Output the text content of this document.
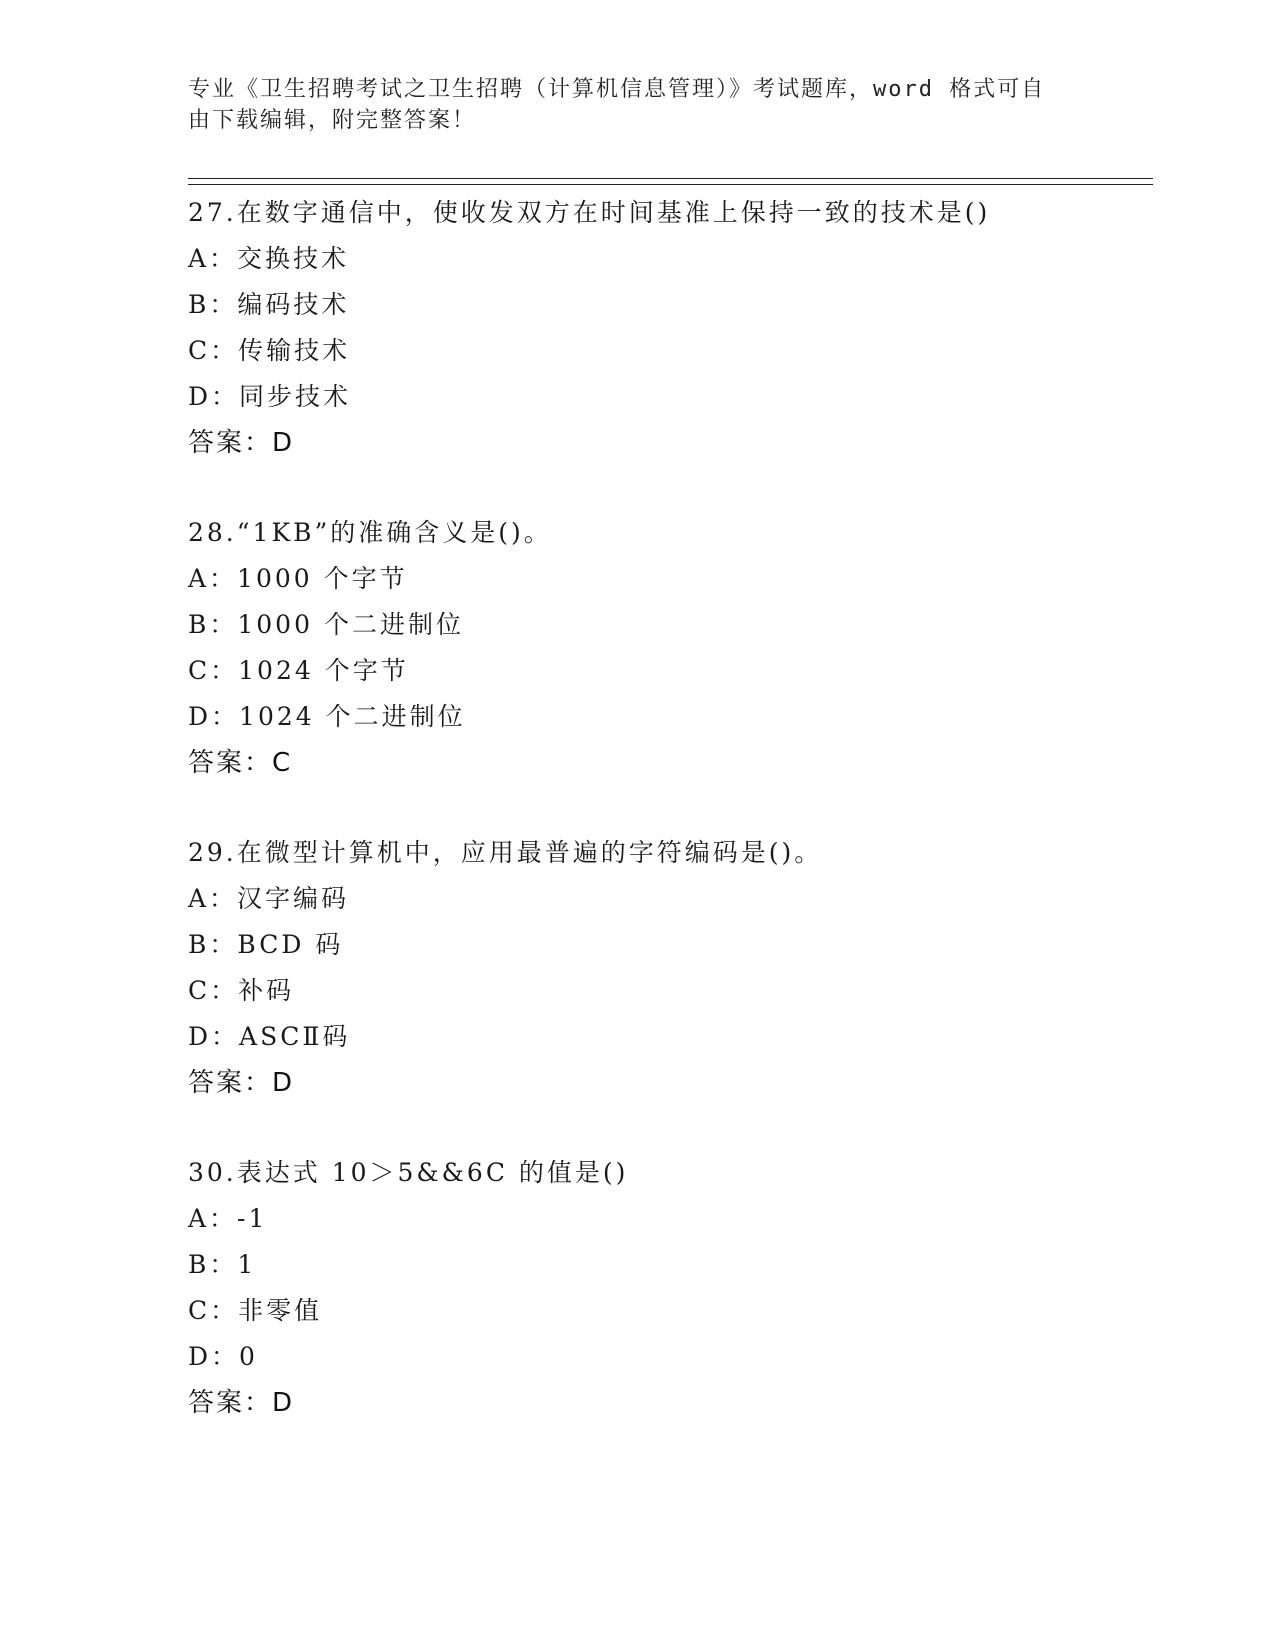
专业《卫生招聘考试之卫生招聘（计算机信息管理）》考试题库，word 格式可自
由下载编辑，附完整答案！
27.在数字通信中，使收发双方在时间基准上保持一致的技术是()
A：交换技术
B：编码技术
C：传输技术
D：同步技术
答案：D
28.“1KB”的准确含义是()。
A：1000 个字节
B：1000 个二进制位
C：1024 个字节
D：1024 个二进制位
答案：C
29.在微型计算机中，应用最普遍的字符编码是()。
A：汉字编码
B：BCD 码
C：补码
D：ASCⅡ码
答案：D
30.表达式 10＞5&&6C 的值是()
A：-1
B：1
C：非零值
D：0
答案：D
